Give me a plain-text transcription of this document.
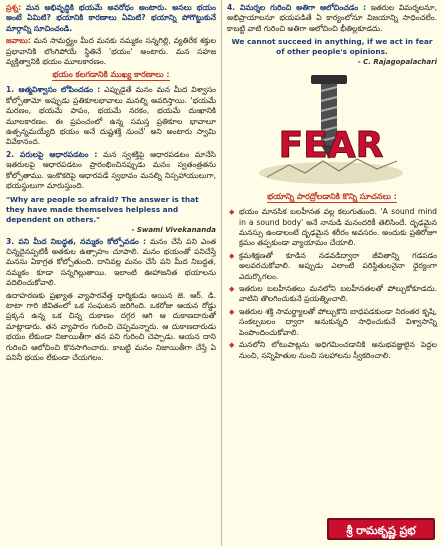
ప్రశ్న: మన అభివృద్ధికి భయమే అవరోధం అంటారు. అసలు భయం అంటే ఏమిటి? భయానికి కారణాలు ఏమిటి? భయాన్ని పోగొట్టుకునే మార్గాన్ని సూచించండి.

జవాబు: మన సామర్థ్యం మీద మనకు నమ్మకం సన్నగిల్లి, వ్యతిరేక శక్తుల ప్రభావానికి లొంగిపోయే స్థితినే 'భయం' అంటారు. మన సహజ వ్యక్తిత్వానికి భయం మూలకారణం.

భయం కలగడానికి ముఖ్య కారణాలు :

1. ఆత్మవిశ్వాసం లోపించడం : ఎప్పుడైతే మనం మన మీద విశ్వాసం కోల్పోతామో అప్పుడు ప్రతికూలభావాలు మనల్ని ఆవరిస్తాయి. 'భయమే మరణం, భయమే పాపం, భయమే నరకం, భయమే దుఃఖానికి మూలకారణం. ఈ ప్రపంచంలో ఉన్న సమస్త ప్రతికూల భావాలూ ఉత్పన్నమయ్యేది భయం అనే దుష్టశక్తి నుంచే' అని అంటారు స్వామి వివేకానంద.

2. పరులపై ఆధారపడటం : మన స్వశక్తిపై ఆధారపడటం మానేసి ఇతరులపై ఆధారపడటం ప్రారంభించినప్పుడు మనం స్వతంత్రతను కోల్పోతాము. ఇంకొకరిపై ఆధారపడే స్వభావం మనల్ని నిస్సహాయులుగా, భయస్థులుగా మారుస్తుంది.

"Why are people so afraid? The answer is that they have made themselves helpless and dependent on others."
- Swami Vivekananda

3. పని మీద నిబద్ధత, నమ్మకం కోల్పోవడం : మనం చేసే పని ఎంత చిన్నదైనప్పటికీ అతకుల ఉత్సాహం చూపాలి. మనం భయంతో పనిచేస్తే మనసు ఏకాగ్రత కోల్పోతుంది. దానివల్ల మనం చేసే పని మీద నిబద్ధత, నమ్మకం కూడా సన్నగిల్లుతాయి. ఇలాంటి ఊహాజనిత భయాలను వదిలించుకోవాలి.

ఉదాహరణకు ప్రఖ్యాత వ్యాపారవేత్త ధార్మికుడు అయిన జె. ఆర్. డి. టాటా గారి జీవితంలో ఒక సంఘటన జరిగింది. ఒకరోజు ఆయన రోడ్డు ప్రక్కన ఉన్న ఒక చిన్న దుకాణం దగ్గర ఆగి ఆ దుకాణదారుతో మాట్లాడారు. తన వ్యాపారం గురించి చెప్పమన్నారు. ఆ దుకాణదారుడు భయం లేకుండా నిజాయితీగా తన పని గురించి చెప్పాడు. ఆయన దాని గురించి ఆలోచించి కొనసాగించారు. కాబట్టి మనం నిజాయితీగా చేస్తే ఏ పనినీ భయం లేకుండా చేయగలం.

4. విమర్శల గురించి అతిగా ఆలోచించడం : ఇతరుల విమర్శలనూ, అభిప్రాయాలనూ భయపడితే ఏ కార్యంలోనూ విజయాన్ని సాధించలేం. కాబట్టి వాటి గురించి అతిగా ఆలోచించి భీతిల్లకూడదు.

We cannot succeed in anything, if we act in fear of other people's opinions.
- C. Rajagopalachari
FEAR
భయాన్ని పారద్రోలడానికి కొన్ని సూచనలు :
◆ భయం మానసిక బలహీనత వల్ల కలుగుతుంది. 'A sound mind in a sound body' అనే నానుడి మనందరికీ తెలిసిందే. దృఢమైన మనస్సు ఉండాలంటే దృఢమైన శరీరం అవసరం. అందుకు ప్రతిరోజూ క్రమం తప్పకుండా వ్యాయామం చేయాలి.
◆ క్రమశిక్షణతో కూడిన నడవడిద్వారా జీవితాన్ని గడపడం అలవరచుకోవాలి. అప్పుడు ఎలాంటి పరిస్థితులనైనా ధైర్యంగా ఎదుర్కొగలం.
◆ ఇతరుల బలహీనతలు మనలోని బలహీనతలతో పోల్చుకోకూడదు. వాటిని తొలగించుకునే ప్రయత్నించాలి.
◆ ఇతరుల శక్తి సామర్థ్యాలతో పోల్చుకొని బాధపడకుండా నిరంతర కృషి, సంకల్పబలం ద్వారా అనుకున్నది సాధించుకునే విశ్వాసాన్ని పెంపొందించుకోవాలి.
◆ మనలోని లోటుపాట్లను అధిగమించడానికి అనుభవజ్ఞులైన పెద్దల నుంచి, సన్నిహితుల నుంచి సలహాలను స్వీకరించాలి.
శ్రీ రామకృష్ణ ప్రభ
